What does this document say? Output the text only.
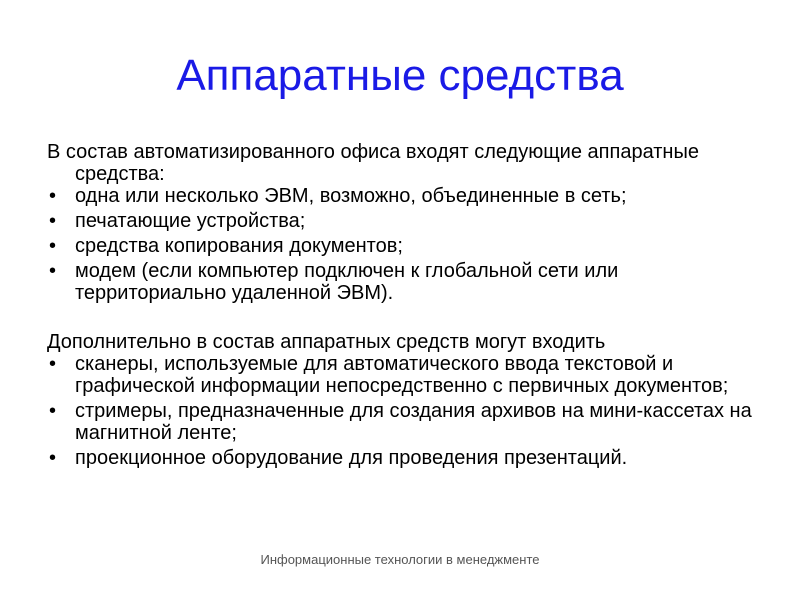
Аппаратные средства

В состав автоматизированного офиса входят следующие аппаратные средства:

• одна или несколько ЭВМ, возможно, объединенные в сеть;
• печатающие устройства;
• средства копирования документов;
• модем (если компьютер подключен к глобальной сети или территориально удаленной ЭВМ).

Дополнительно в состав аппаратных средств могут входить

• сканеры, используемые для автоматического ввода текстовой и графической информации непосредственно с первичных документов;
• стримеры, предназначенные для создания архивов на мини-кассетах на магнитной ленте;
• проекционное оборудование для проведения презентаций.
Информационные технологии в менеджменте
